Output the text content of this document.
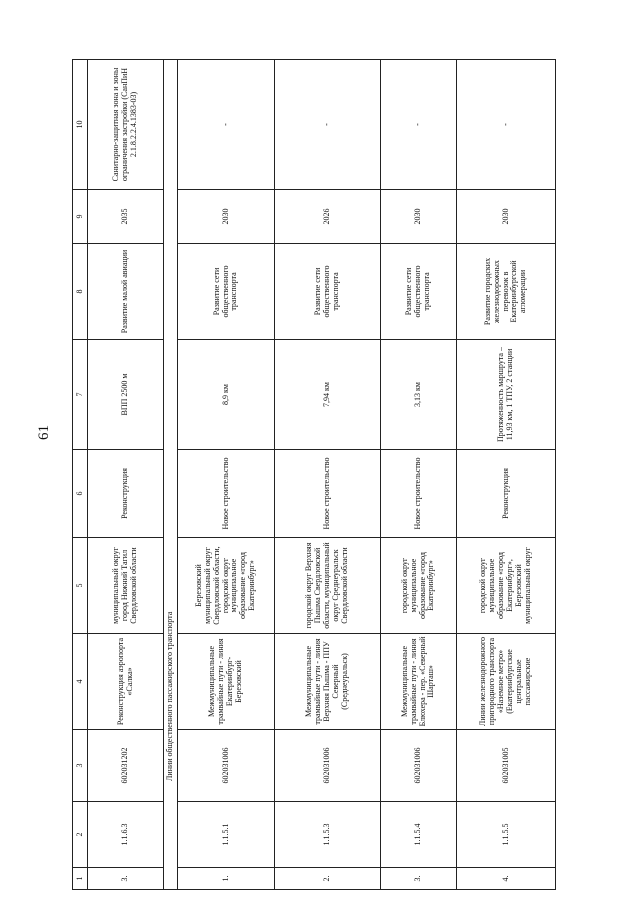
61
1	2	3	4	5	6	7	8	9	10
3.	1.1.6.3	602031202	Реконструкция аэропорта «Салка»	муниципальный округ город Нижний Тагил Свердловской области	Реконструкция	ВПП 2500 м	Развитие малой авиации	2035	Санитарно-защитная зона и зоны ограничения застройки (СанПиН 2.1.8.2.2.4.1383-03)
Линии общественного пассажирского транспорта									
1.	1.1.5.1	602031006	Межмуниципальные трамвайные пути - линия Екатеринбург-Березовский	Березовский муниципальный округ Свердловской области, городской округ муниципальное образование «город Екатеринбург»	Новое строительство	8,9 км	Развитие сети общественного транспорта	2030	-
2.	1.1.5.3	602031006	Межмуниципальные трамвайные пути - линия Верхняя Пышма - ППУ Северный (Среднеуральск)	городской округ Верхняя Пышма Свердловской области, муниципальный округ Среднеуральск Свердловской области	Новое строительство	7,94 км	Развитие сети общественного транспорта	2026	-
3.	1.1.5.4	602031006	Межмуниципальные трамвайные пути - линия Блюхера - пер. «Северный Шарташ»	городской округ муниципальное образование «город Екатеринбург»	Новое строительство	3,13 км	Развитие сети общественного транспорта	2030	-
4.	1.1.5.5	602031005	Линии железнодорожного пригородного транспорта «Наземное метро» (Екатеринбургские центральные пассажирские	городской округ муниципальное образование «город Екатеринбург», Березовский муниципальный округ	Реконструкция	Протяженность маршрута – 11,93 км, 1 ТПУ, 2 станции	Развитие городских железнодорожных перевозок в Екатеринбургской агломерации	2030	-
